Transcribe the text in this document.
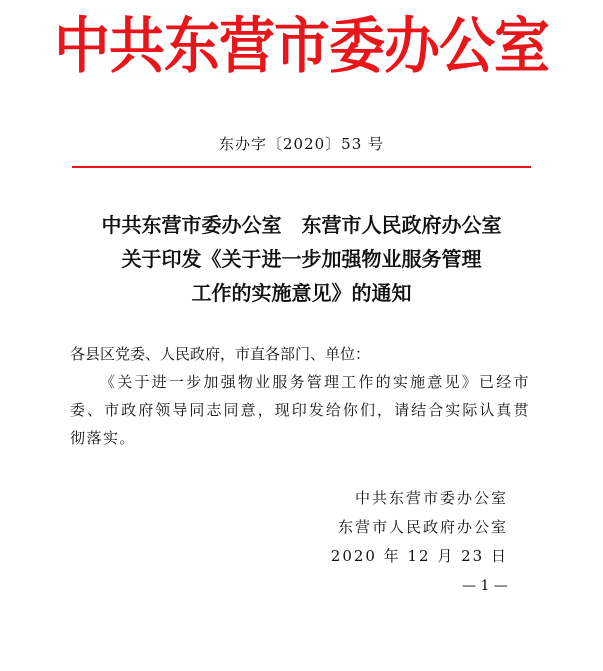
中共东营市委办公室
东办字〔2020〕53 号
中共东营市委办公室　东营市人民政府办公室
关于印发《关于进一步加强物业服务管理
工作的实施意见》的通知

各县区党委、人民政府，市直各部门、单位：

《关于进一步加强物业服务管理工作的实施意见》已经市委、市政府领导同志同意，现印发给你们，请结合实际认真贯彻落实。

中共东营市委办公室
东营市人民政府办公室
2020 年 12 月 23 日
— 1 —
